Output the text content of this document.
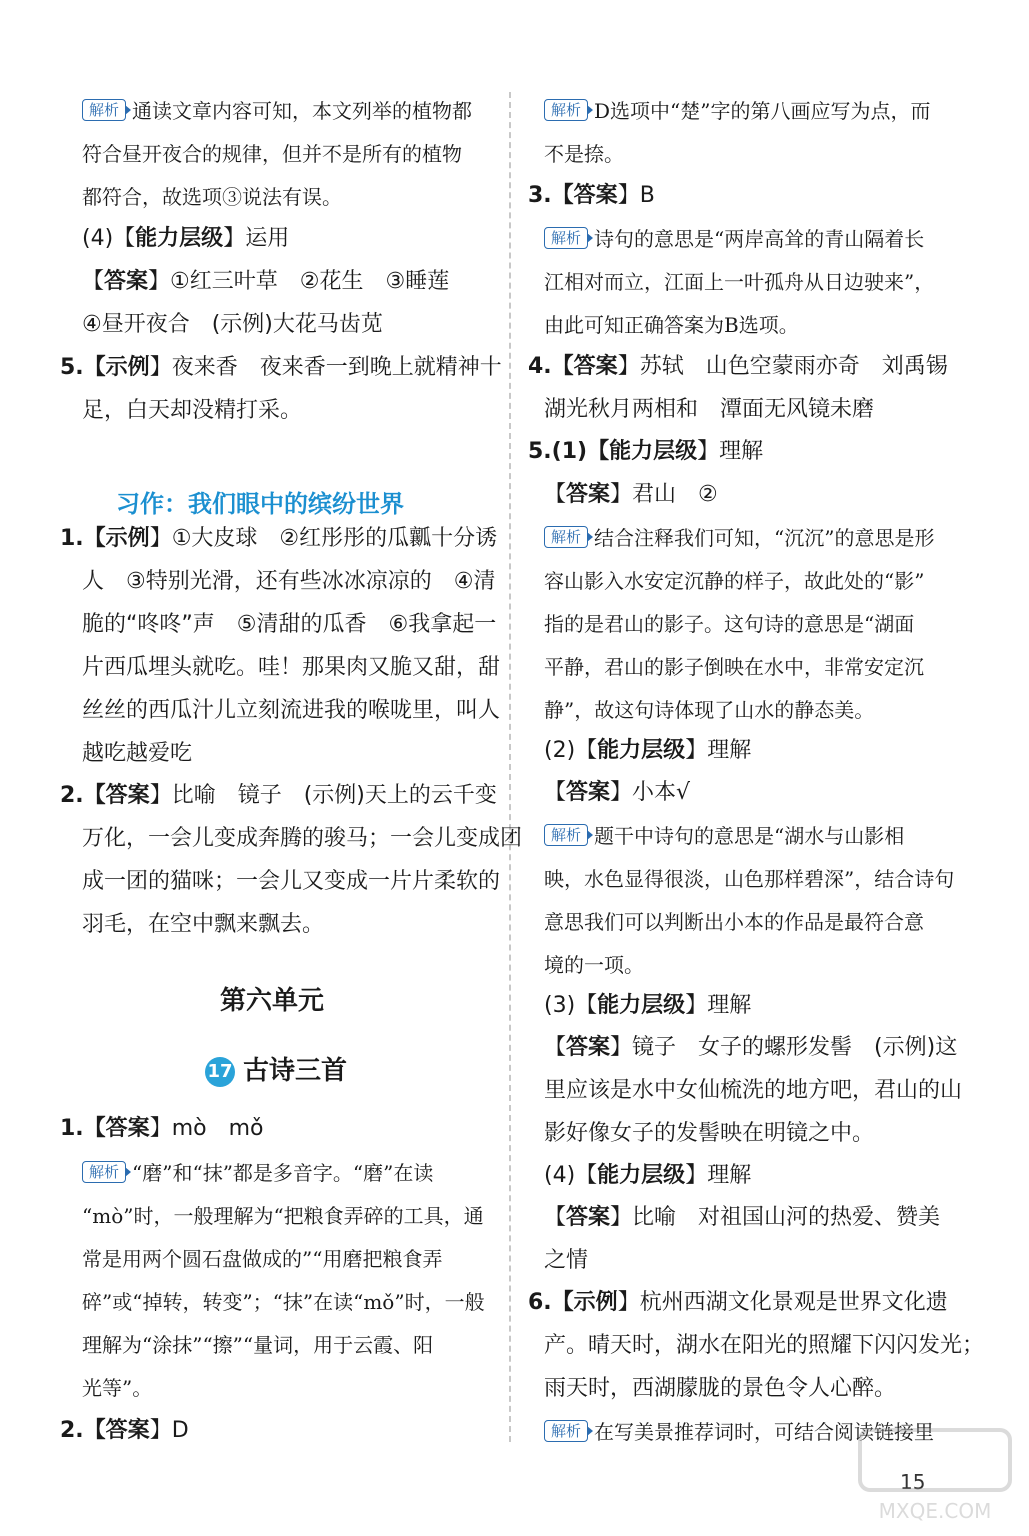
解析 通读文章内容可知，本文列举的植物都
符合昼开夜合的规律，但并不是所有的植物
都符合，故选项③说法有误。
(4)【能力层级】运用
【答案】①红三叶草　②花生　③睡莲
④昼开夜合　(示例)大花马齿苋
5.【示例】夜来香　夜来香一到晚上就精神十
足，白天却没精打采。
习作：我们眼中的缤纷世界
1.【示例】①大皮球　②红彤彤的瓜瓤十分诱
人　③特别光滑，还有些冰冰凉凉的　④清
脆的“咚咚”声　⑤清甜的瓜香　⑥我拿起一
片西瓜埋头就吃。哇！那果肉又脆又甜，甜
丝丝的西瓜汁儿立刻流进我的喉咙里，叫人
越吃越爱吃
2.【答案】比喻　镜子　(示例)天上的云千变
万化，一会儿变成奔腾的骏马；一会儿变成团
成一团的猫咪；一会儿又变成一片片柔软的
羽毛，在空中飘来飘去。
第六单元
17 古诗三首
1.【答案】mò　mǒ
解析 “磨”和“抹”都是多音字。“磨”在读
“mò”时，一般理解为“把粮食弄碎的工具，通
常是用两个圆石盘做成的”“用磨把粮食弄
碎”或“掉转，转变”；“抹”在读“mǒ”时，一般
理解为“涂抹”“擦”“量词，用于云霞、阳
光等”。
2.【答案】D
解析 D选项中“楚”字的第八画应写为点，而
不是捺。
3.【答案】B
解析 诗句的意思是“两岸高耸的青山隔着长
江相对而立，江面上一叶孤舟从日边驶来”，
由此可知正确答案为B选项。
4.【答案】苏轼　山色空蒙雨亦奇　刘禹锡
湖光秋月两相和　潭面无风镜未磨
5.(1)【能力层级】理解
【答案】君山　②
解析 结合注释我们可知，“沉沉”的意思是形
容山影入水安定沉静的样子，故此处的“影”
指的是君山的影子。这句诗的意思是“湖面
平静，君山的影子倒映在水中，非常安定沉
静”，故这句诗体现了山水的静态美。
(2)【能力层级】理解
【答案】小本√
解析 题干中诗句的意思是“湖水与山影相
映，水色显得很淡，山色那样碧深”，结合诗句
意思我们可以判断出小本的作品是最符合意
境的一项。
(3)【能力层级】理解
【答案】镜子　女子的螺形发髻　(示例)这
里应该是水中女仙梳洗的地方吧，君山的山
影好像女子的发髻映在明镜之中。
(4)【能力层级】理解
【答案】比喻　对祖国山河的热爱、赞美
之情
6.【示例】杭州西湖文化景观是世界文化遗
产。晴天时，湖水在阳光的照耀下闪闪发光；
雨天时，西湖朦胧的景色令人心醉。
解析 在写美景推荐词时，可结合阅读链接里
15
MXQE.COM
